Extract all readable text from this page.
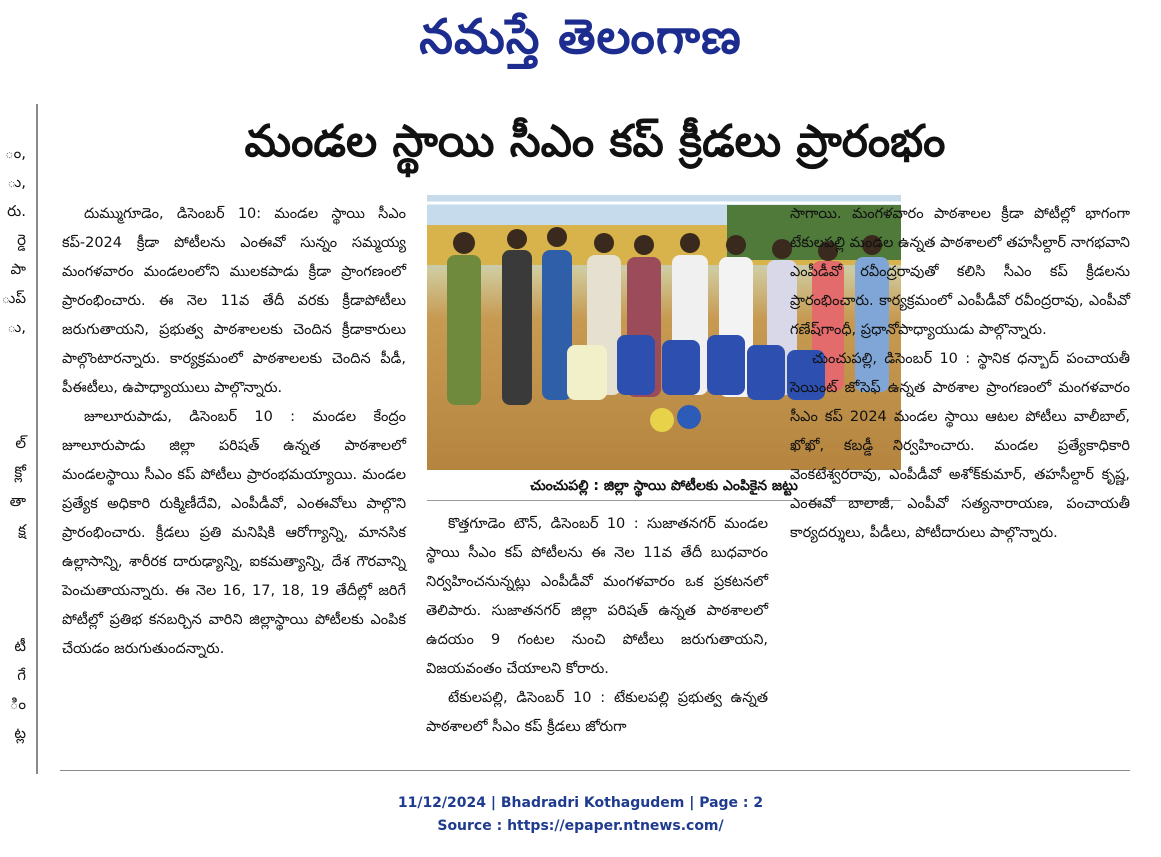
నమస్తే తెలంగాణ
ం,
ు,
రు.
ర్డె
పా
ుప్
ు,
ల్
క్లో
తా
క్ష
టీ
గే
ిం
ట్ల
మండల స్థాయి సీఎం కప్ క్రీడలు ప్రారంభం

దుమ్ముగూడెం, డిసెంబర్ 10: మండల స్థాయి సీఎం కప్-2024 క్రీడా పోటీలను ఎంఈవో సున్నం సమ్మయ్య మంగళవారం మండలంలోని ములకపాడు క్రీడా ప్రాంగణంలో ప్రారంభించారు. ఈ నెల 11వ తేదీ వరకు క్రీడాపోటీలు జరుగుతాయని, ప్రభుత్వ పాఠశాలలకు చెందిన క్రీడాకారులు పాల్గొంటారన్నారు. కార్యక్రమంలో పాఠశాలలకు చెందిన పీడీ, పీఈటీలు, ఉపాధ్యాయులు పాల్గొన్నారు.

జూలూరుపాడు, డిసెంబర్ 10 : మండల కేంద్రం జూలూరుపాడు జిల్లా పరిషత్ ఉన్నత పాఠశాలలో మండలస్థాయి సీఎం కప్ పోటీలు ప్రారంభమయ్యాయి. మండల ప్రత్యేక అధికారి రుక్మిణీదేవి, ఎంపీడీవో, ఎంఈవోలు పాల్గొని ప్రారంభించారు. క్రీడలు ప్రతి మనిషికి ఆరోగ్యాన్ని, మానసిక ఉల్లాసాన్ని, శారీరక దారుఢ్యాన్ని, ఐకమత్యాన్ని, దేశ గౌరవాన్ని పెంచుతాయన్నారు. ఈ నెల 16, 17, 18, 19 తేదీల్లో జరిగే పోటీల్లో ప్రతిభ కనబర్చిన వారిని జిల్లాస్థాయి పోటీలకు ఎంపిక చేయడం జరుగుతుందన్నారు.

చుంచుపల్లి : జిల్లా స్థాయి పోటీలకు ఎంపికైన జట్టు

కొత్తగూడెం టౌన్, డిసెంబర్ 10 : సుజాతనగర్ మండల స్థాయి సీఎం కప్ పోటీలను ఈ నెల 11వ తేదీ బుధవారం నిర్వహించనున్నట్లు ఎంపీడీవో మంగళవారం ఒక ప్రకటనలో తెలిపారు. సుజాతనగర్ జిల్లా పరిషత్ ఉన్నత పాఠశాలలో ఉదయం 9 గంటల నుంచి పోటీలు జరుగుతాయని, విజయవంతం చేయాలని కోరారు.

టేకులపల్లి, డిసెంబర్ 10 : టేకులపల్లి ప్రభుత్వ ఉన్నత పాఠశాలలో సీఎం కప్ క్రీడలు జోరుగా

సాగాయి. మంగళవారం పాఠశాలల క్రీడా పోటీల్లో భాగంగా టేకులపల్లి మండల ఉన్నత పాఠశాలలో తహసీల్దార్ నాగభవాని ఎంపీడీవో రవీంద్రరావుతో కలిసి సీఎం కప్ క్రీడలను ప్రారంభించారు. కార్యక్రమంలో ఎంపీడీవో రవీంద్రరావు, ఎంపీవో గణేష్‌గాంధీ, ప్రధానోపాధ్యాయుడు పాల్గొన్నారు.

చుంచుపల్లి, డిసెంబర్ 10 : స్థానిక ధన్బాద్ పంచాయతీ సెయింట్ జోసెఫ్ ఉన్నత పాఠశాల ప్రాంగణంలో మంగళవారం సీఎం కప్ 2024 మండల స్థాయి ఆటల పోటీలు వాలీబాల్, ఖోఖో, కబడ్డీ నిర్వహించారు. మండల ప్రత్యేకాధికారి వెంకటేశ్వరరావు, ఎంపీడీవో అశోక్‌కుమార్, తహసీల్దార్ కృష్ణ, ఎంఈవో బాలాజీ, ఎంపీవో సత్యనారాయణ, పంచాయతీ కార్యదర్శులు, పీడీలు, పోటీదారులు పాల్గొన్నారు.

11/12/2024 | Bhadradri Kothagudem | Page : 2
Source : https://epaper.ntnews.com/
